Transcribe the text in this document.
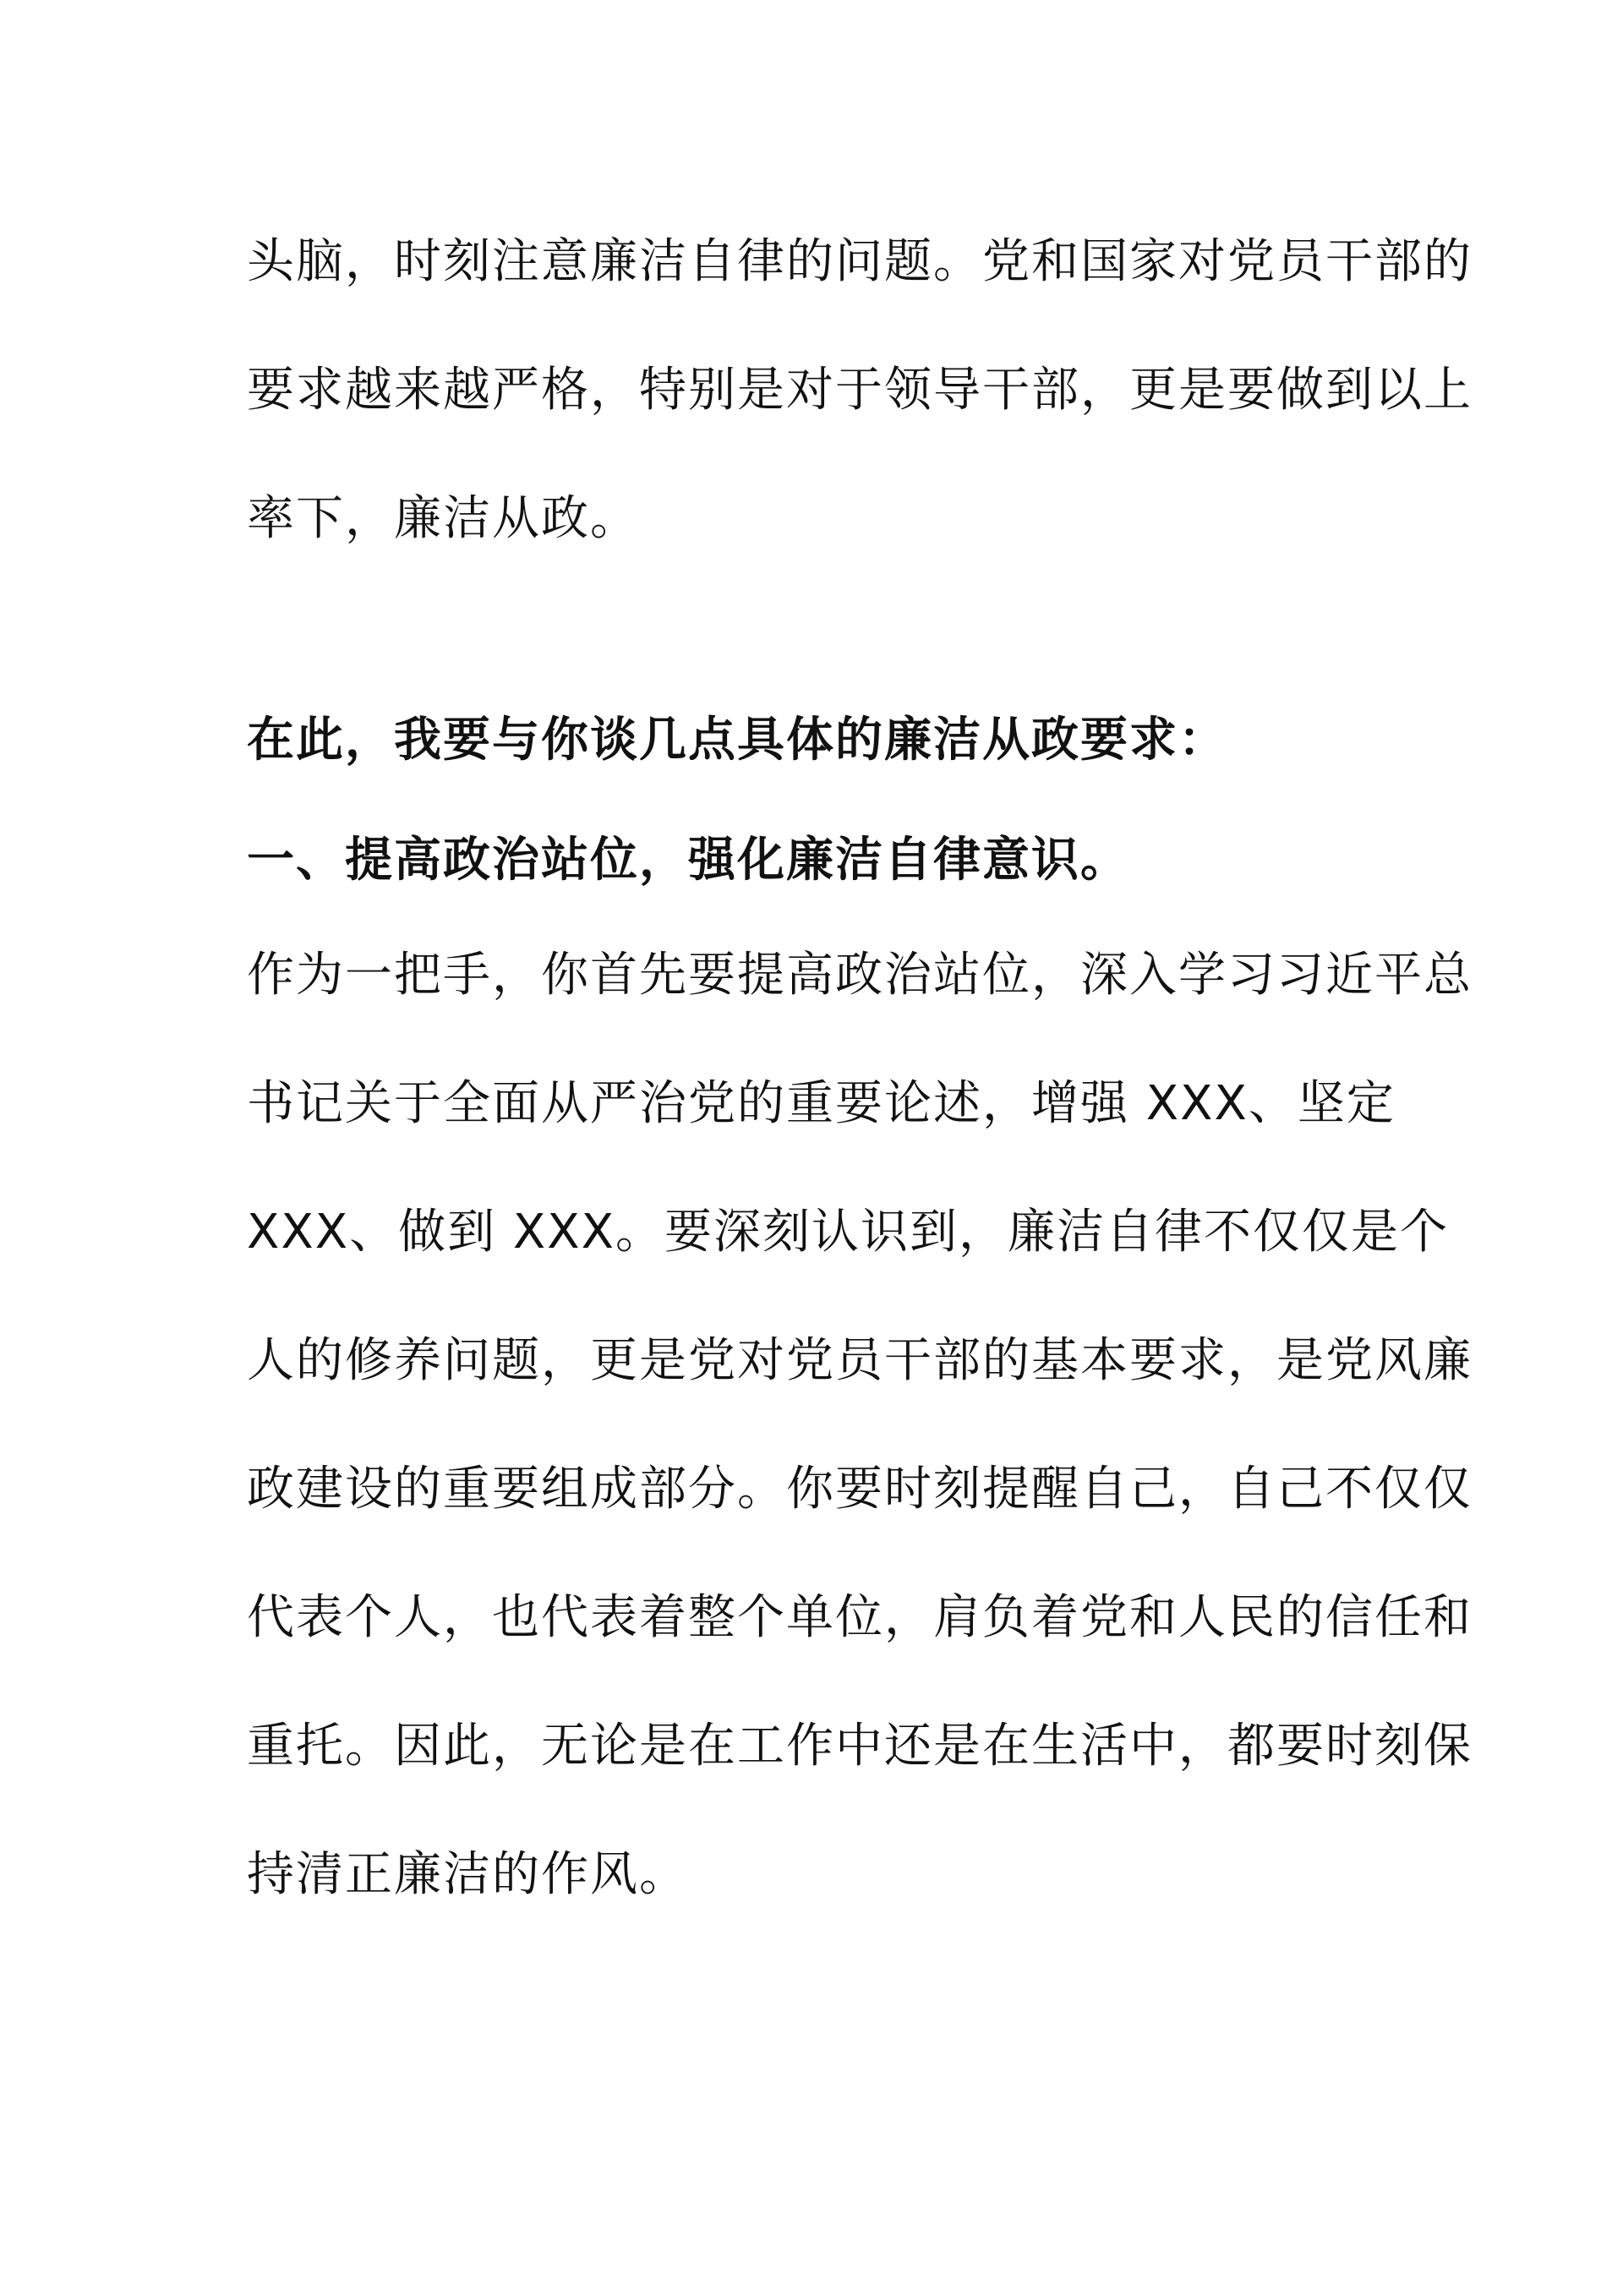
头脑，时刻注意廉洁自律的问题。党和国家对党员干部的
要求越来越严格，特别是对于领导干部，更是要做到以上
率下，廉洁从政。
在此，我要与你谈几点具体的廉洁从政要求：
一、提高政治站位，强化廉洁自律意识。
作为一把手，你首先要提高政治站位，深入学习习近平总
书记关于全面从严治党的重要论述，增强 XXX、坚定
XXX、做到 XXX。要深刻认识到，廉洁自律不仅仅是个
人的修养问题，更是党对党员干部的基本要求，是党风廉
政建设的重要组成部分。你要时刻提醒自己，自己不仅仅
代表个人，也代表着整个单位，肩负着党和人民的信任和
重托。因此，无论是在工作中还是在生活中，都要时刻保
持清正廉洁的作风。
